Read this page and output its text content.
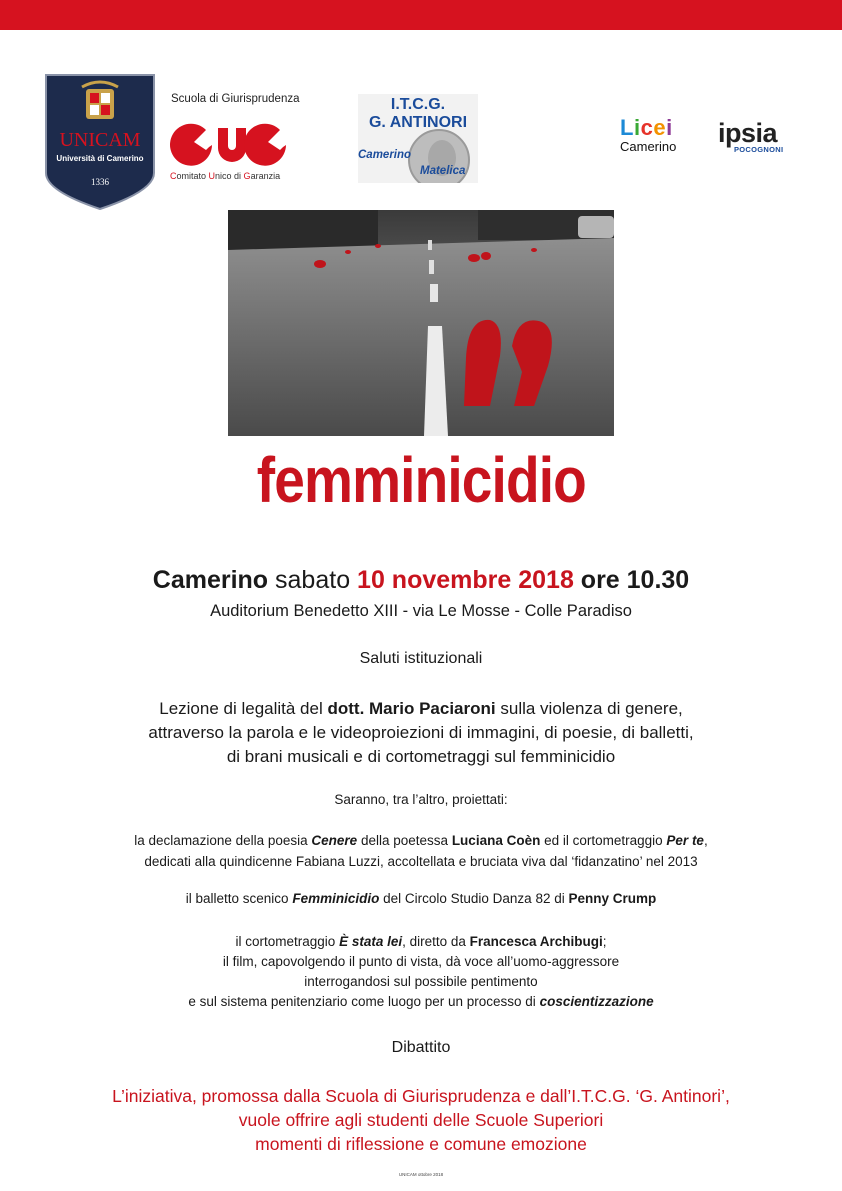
UNICAM
Università di Camerino
1336
Scuola di Giurisprudenza
Comitato Unico di Garanzia
I.T.C.G.
G. ANTINORI
Camerino
Matelica
Licei
Camerino	ipsia
POCOGNONI
femminicidio
Camerino sabato 10 novembre 2018 ore 10.30
Auditorium Benedetto XIII - via Le Mosse - Colle Paradiso
Saluti istituzionali
Lezione di legalità del dott. Mario Paciaroni sulla violenza di genere,
attraverso la parola e le videoproiezioni di immagini, di poesie, di balletti,
di brani musicali e di cortometraggi sul femminicidio
Saranno, tra l’altro, proiettati:
la declamazione della poesia Cenere della poetessa Luciana Coèn ed il cortometraggio Per te,
dedicati alla quindicenne Fabiana Luzzi, accoltellata e bruciata viva dal ‘fidanzatino’ nel 2013
il balletto scenico Femminicidio del Circolo Studio Danza 82 di Penny Crump
il cortometraggio È stata lei, diretto da Francesca Archibugi;
il film, capovolgendo il punto di vista, dà voce all’uomo-aggressore
interrogandosi sul possibile pentimento
e sul sistema penitenziario come luogo per un processo di coscientizzazione
Dibattito
L’iniziativa, promossa dalla Scuola di Giurisprudenza e dall’I.T.C.G. ‘G. Antinori’,
vuole offrire agli studenti delle Scuole Superiori
momenti di riflessione e comune emozione
UNICAM ottobre 2018
